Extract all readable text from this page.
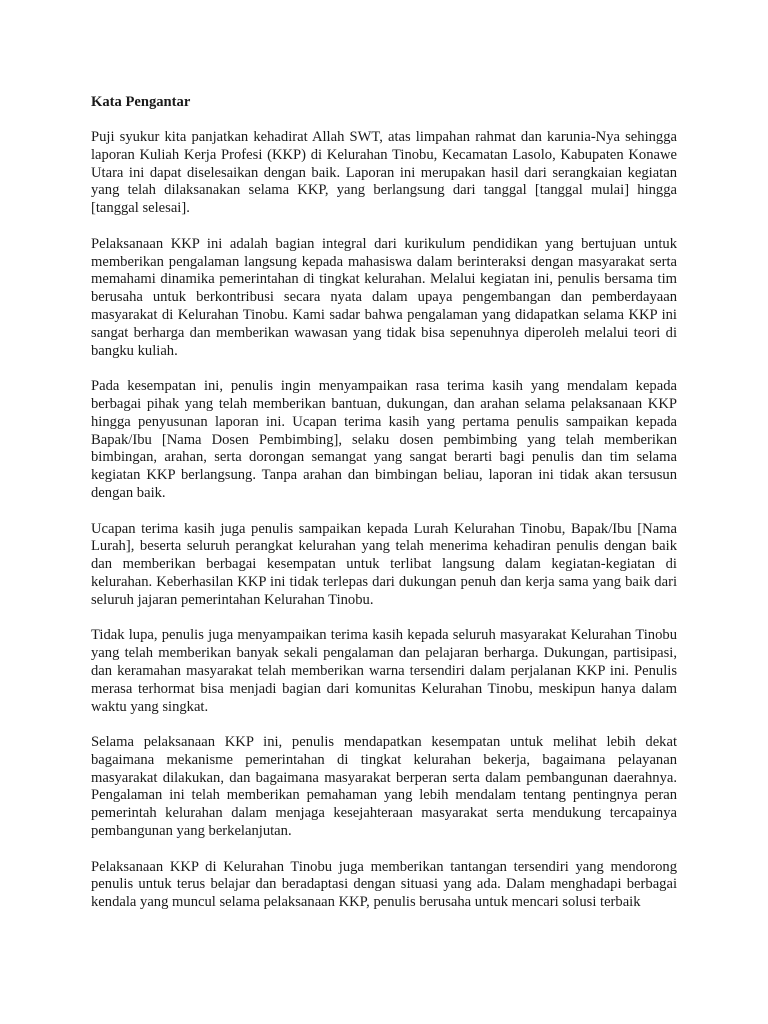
Kata Pengantar

Puji syukur kita panjatkan kehadirat Allah SWT, atas limpahan rahmat dan karunia-Nya sehingga laporan Kuliah Kerja Profesi (KKP) di Kelurahan Tinobu, Kecamatan Lasolo, Kabupaten Konawe Utara ini dapat diselesaikan dengan baik. Laporan ini merupakan hasil dari serangkaian kegiatan yang telah dilaksanakan selama KKP, yang berlangsung dari tanggal [tanggal mulai] hingga [tanggal selesai].

Pelaksanaan KKP ini adalah bagian integral dari kurikulum pendidikan yang bertujuan untuk memberikan pengalaman langsung kepada mahasiswa dalam berinteraksi dengan masyarakat serta memahami dinamika pemerintahan di tingkat kelurahan. Melalui kegiatan ini, penulis bersama tim berusaha untuk berkontribusi secara nyata dalam upaya pengembangan dan pemberdayaan masyarakat di Kelurahan Tinobu. Kami sadar bahwa pengalaman yang didapatkan selama KKP ini sangat berharga dan memberikan wawasan yang tidak bisa sepenuhnya diperoleh melalui teori di bangku kuliah.

Pada kesempatan ini, penulis ingin menyampaikan rasa terima kasih yang mendalam kepada berbagai pihak yang telah memberikan bantuan, dukungan, dan arahan selama pelaksanaan KKP hingga penyusunan laporan ini. Ucapan terima kasih yang pertama penulis sampaikan kepada Bapak/Ibu [Nama Dosen Pembimbing], selaku dosen pembimbing yang telah memberikan bimbingan, arahan, serta dorongan semangat yang sangat berarti bagi penulis dan tim selama kegiatan KKP berlangsung. Tanpa arahan dan bimbingan beliau, laporan ini tidak akan tersusun dengan baik.

Ucapan terima kasih juga penulis sampaikan kepada Lurah Kelurahan Tinobu, Bapak/Ibu [Nama Lurah], beserta seluruh perangkat kelurahan yang telah menerima kehadiran penulis dengan baik dan memberikan berbagai kesempatan untuk terlibat langsung dalam kegiatan-kegiatan di kelurahan. Keberhasilan KKP ini tidak terlepas dari dukungan penuh dan kerja sama yang baik dari seluruh jajaran pemerintahan Kelurahan Tinobu.

Tidak lupa, penulis juga menyampaikan terima kasih kepada seluruh masyarakat Kelurahan Tinobu yang telah memberikan banyak sekali pengalaman dan pelajaran berharga. Dukungan, partisipasi, dan keramahan masyarakat telah memberikan warna tersendiri dalam perjalanan KKP ini. Penulis merasa terhormat bisa menjadi bagian dari komunitas Kelurahan Tinobu, meskipun hanya dalam waktu yang singkat.

Selama pelaksanaan KKP ini, penulis mendapatkan kesempatan untuk melihat lebih dekat bagaimana mekanisme pemerintahan di tingkat kelurahan bekerja, bagaimana pelayanan masyarakat dilakukan, dan bagaimana masyarakat berperan serta dalam pembangunan daerahnya. Pengalaman ini telah memberikan pemahaman yang lebih mendalam tentang pentingnya peran pemerintah kelurahan dalam menjaga kesejahteraan masyarakat serta mendukung tercapainya pembangunan yang berkelanjutan.

Pelaksanaan KKP di Kelurahan Tinobu juga memberikan tantangan tersendiri yang mendorong penulis untuk terus belajar dan beradaptasi dengan situasi yang ada. Dalam menghadapi berbagai kendala yang muncul selama pelaksanaan KKP, penulis berusaha untuk mencari solusi terbaik
